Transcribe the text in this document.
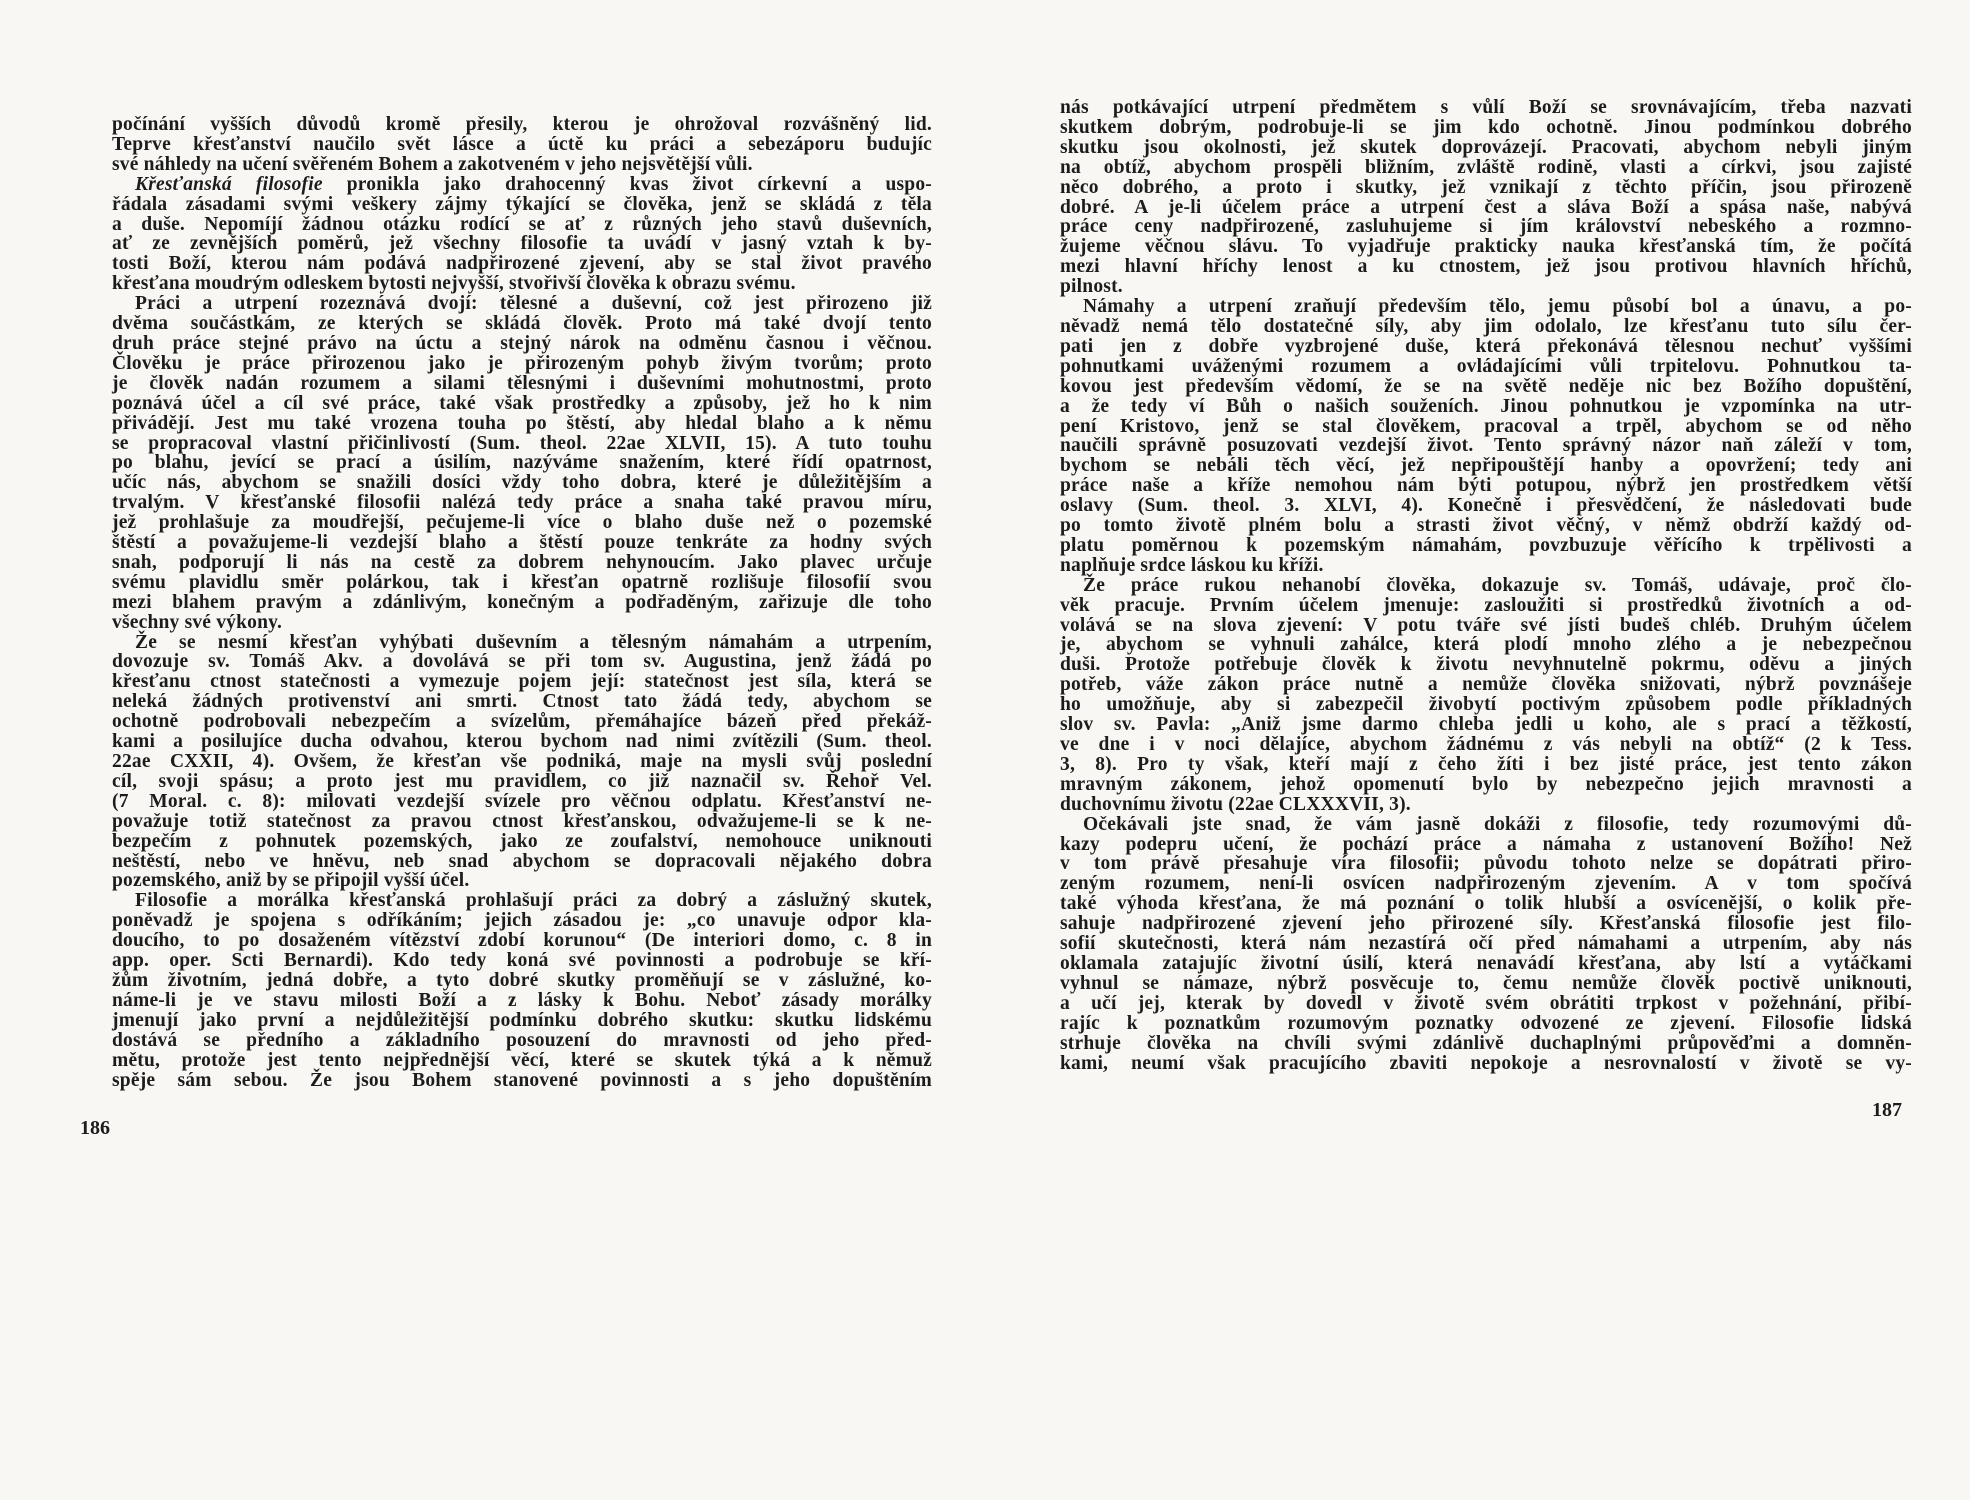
počínání vyšších důvodů kromě přesily, kterou je ohrožoval rozvášněný lid.
Teprve křesťanství naučilo svět lásce a úctě ku práci a sebezáporu budujíc
své náhledy na učení svěřeném Bohem a zakotveném v jeho nejsvětější vůli.
Křesťanská filosofie pronikla jako drahocenný kvas život církevní a uspo-
řádala zásadami svými veškery zájmy týkající se člověka, jenž se skládá z těla
a duše. Nepomíjí žádnou otázku rodící se ať z různých jeho stavů duševních,
ať ze zevnějších poměrů, jež všechny filosofie ta uvádí v jasný vztah k by-
tosti Boží, kterou nám podává nadpřirozené zjevení, aby se stal život pravého
křesťana moudrým odleskem bytosti nejvyšší, stvořivší člověka k obrazu svému.
Práci a utrpení rozeznává dvojí: tělesné a duševní, což jest přirozeno již
dvěma součástkám, ze kterých se skládá člověk. Proto má také dvojí tento
druh práce stejné právo na úctu a stejný nárok na odměnu časnou i věčnou.
Člověku je práce přirozenou jako je přirozeným pohyb živým tvorům; proto
je člověk nadán rozumem a silami tělesnými i duševními mohutnostmi, proto
poznává účel a cíl své práce, také však prostředky a způsoby, jež ho k nim
přivádějí. Jest mu také vrozena touha po štěstí, aby hledal blaho a k němu
se propracoval vlastní přičinlivostí (Sum. theol. 22ae XLVII, 15). A tuto touhu
po blahu, jevící se prací a úsilím, nazýváme snažením, které řídí opatrnost,
učíc nás, abychom se snažili dosíci vždy toho dobra, které je důležitějším a
trvalým. V křesťanské filosofii nalézá tedy práce a snaha také pravou míru,
jež prohlašuje za moudřejší, pečujeme-li více o blaho duše než o pozemské
štěstí a považujeme-li vezdejší blaho a štěstí pouze tenkráte za hodny svých
snah, podporují li nás na cestě za dobrem nehynoucím. Jako plavec určuje
svému plavidlu směr polárkou, tak i křesťan opatrně rozlišuje filosofií svou
mezi blahem pravým a zdánlivým, konečným a podřaděným, zařizuje dle toho
všechny své výkony.
Že se nesmí křesťan vyhýbati duševním a tělesným námahám a utrpením,
dovozuje sv. Tomáš Akv. a dovolává se při tom sv. Augustina, jenž žádá po
křesťanu ctnost statečnosti a vymezuje pojem její: statečnost jest síla, která se
neleká žádných protivenství ani smrti. Ctnost tato žádá tedy, abychom se
ochotně podrobovali nebezpečím a svízelům, přemáhajíce bázeň před překáž-
kami a posilujíce ducha odvahou, kterou bychom nad nimi zvítězili (Sum. theol.
22ae CXXII, 4). Ovšem, že křesťan vše podniká, maje na mysli svůj poslední
cíl, svoji spásu; a proto jest mu pravidlem, co již naznačil sv. Řehoř Vel.
(7 Moral. c. 8): milovati vezdejší svízele pro věčnou odplatu. Křesťanství ne-
považuje totiž statečnost za pravou ctnost křesťanskou, odvažujeme-li se k ne-
bezpečím z pohnutek pozemských, jako ze zoufalství, nemohouce uniknouti
neštěstí, nebo ve hněvu, neb snad abychom se dopracovali nějakého dobra
pozemského, aniž by se připojil vyšší účel.
Filosofie a morálka křesťanská prohlašují práci za dobrý a záslužný skutek,
poněvadž je spojena s odříkáním; jejich zásadou je: „co unavuje odpor kla-
doucího, to po dosaženém vítězství zdobí korunou“ (De interiori domo, c. 8 in
app. oper. Scti Bernardi). Kdo tedy koná své povinnosti a podrobuje se kří-
žům životním, jedná dobře, a tyto dobré skutky proměňují se v záslužné, ko-
náme-li je ve stavu milosti Boží a z lásky k Bohu. Neboť zásady morálky
jmenují jako první a nejdůležitější podmínku dobrého skutku: skutku lidskému
dostává se předního a základního posouzení do mravnosti od jeho před-
mětu, protože jest tento nejpřednější věcí, které se skutek týká a k němuž
spěje sám sebou. Že jsou Bohem stanovené povinnosti a s jeho dopuštěním
186
nás potkávající utrpení předmětem s vůlí Boží se srovnávajícím, třeba nazvati
skutkem dobrým, podrobuje-li se jim kdo ochotně. Jinou podmínkou dobrého
skutku jsou okolnosti, jež skutek doprovázejí. Pracovati, abychom nebyli jiným
na obtíž, abychom prospěli bližním, zvláště rodině, vlasti a církvi, jsou zajisté
něco dobrého, a proto i skutky, jež vznikají z těchto příčin, jsou přirozeně
dobré. A je-li účelem práce a utrpení čest a sláva Boží a spása naše, nabývá
práce ceny nadpřirozené, zasluhujeme si jím království nebeského a rozmno-
žujeme věčnou slávu. To vyjadřuje prakticky nauka křesťanská tím, že počítá
mezi hlavní hříchy lenost a ku ctnostem, jež jsou protivou hlavních hříchů,
pilnost.
Námahy a utrpení zraňují především tělo, jemu působí bol a únavu, a po-
něvadž nemá tělo dostatečné síly, aby jim odolalo, lze křesťanu tuto sílu čer-
pati jen z dobře vyzbrojené duše, která překonává tělesnou nechuť vyššími
pohnutkami uváženými rozumem a ovládajícími vůli trpitelovu. Pohnutkou ta-
kovou jest především vědomí, že se na světě neděje nic bez Božího dopuštění,
a že tedy ví Bůh o našich souženích. Jinou pohnutkou je vzpomínka na utr-
pení Kristovo, jenž se stal člověkem, pracoval a trpěl, abychom se od něho
naučili správně posuzovati vezdejší život. Tento správný názor naň záleží v tom,
bychom se nebáli těch věcí, jež nepřipouštějí hanby a opovržení; tedy ani
práce naše a kříže nemohou nám býti potupou, nýbrž jen prostředkem větší
oslavy (Sum. theol. 3. XLVI, 4). Konečně i přesvědčení, že následovati bude
po tomto životě plném bolu a strasti život věčný, v němž obdrží každý od-
platu poměrnou k pozemským námahám, povzbuzuje věřícího k trpělivosti a
naplňuje srdce láskou ku kříži.
Že práce rukou nehanobí člověka, dokazuje sv. Tomáš, udávaje, proč člo-
věk pracuje. Prvním účelem jmenuje: zasloužiti si prostředků životních a od-
volává se na slova zjevení: V potu tváře své jísti budeš chléb. Druhým účelem
je, abychom se vyhnuli zahálce, která plodí mnoho zlého a je nebezpečnou
duši. Protože potřebuje člověk k životu nevyhnutelně pokrmu, oděvu a jiných
potřeb, váže zákon práce nutně a nemůže člověka snižovati, nýbrž povznášeje
ho umožňuje, aby si zabezpečil živobytí poctivým způsobem podle příkladných
slov sv. Pavla: „Aniž jsme darmo chleba jedli u koho, ale s prací a těžkostí,
ve dne i v noci dělajíce, abychom žádnému z vás nebyli na obtíž“ (2 k Tess.
3, 8). Pro ty však, kteří mají z čeho žíti i bez jisté práce, jest tento zákon
mravným zákonem, jehož opomenutí bylo by nebezpečno jejich mravnosti a
duchovnímu životu (22ae CLXXXVII, 3).
Očekávali jste snad, že vám jasně dokáži z filosofie, tedy rozumovými dů-
kazy podepru učení, že pochází práce a námaha z ustanovení Božího! Než
v tom právě přesahuje víra filosofii; původu tohoto nelze se dopátrati přiro-
zeným rozumem, není-li osvícen nadpřirozeným zjevením. A v tom spočívá
také výhoda křesťana, že má poznání o tolik hlubší a osvícenější, o kolik pře-
sahuje nadpřirozené zjevení jeho přirozené síly. Křesťanská filosofie jest filo-
sofií skutečnosti, která nám nezastírá očí před námahami a utrpením, aby nás
oklamala zatajujíc životní úsilí, která nenavádí křesťana, aby lstí a vytáčkami
vyhnul se námaze, nýbrž posvěcuje to, čemu nemůže člověk poctivě uniknouti,
a učí jej, kterak by dovedl v životě svém obrátiti trpkost v požehnání, přibí-
rajíc k poznatkům rozumovým poznatky odvozené ze zjevení. Filosofie lidská
strhuje člověka na chvíli svými zdánlivě duchaplnými průpověďmi a domněn-
kami, neumí však pracujícího zbaviti nepokoje a nesrovnalostí v životě se vy-
187
